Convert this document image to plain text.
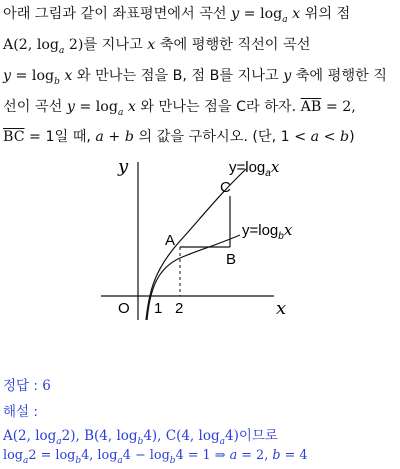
아래 그림과 같이 좌표평면에서 곡선 $y = \log_a x$ 위의 점
A(2, $\log_a 2$)를 지나고 x 축에 평행한 직선이 곡선
$y = \log_b x$ 와 만나는 점을 B, 점 B를 지나고 y 축에 평행한 직
선이 곡선 $y = \log_a x$ 와 만나는 점을 C라 하자. $\overline{AB} = 2$,
$\overline{BC} = 1$일 때, a + b 의 값을 구하시오. (단, 1 < a < b)
y
x
O 1 2
$y=\log_ax$
$y=\log_bx$
A
B
C
정답 : 6
해설 :
A(2, $\log_a2$), B(4, $\log_b4$), C(4, $\log_a4$)이므로
$\log_a2 = \log_b4$, $\log_a4 - \log_b4 = 1$ ⇒ a = 2, b = 4
